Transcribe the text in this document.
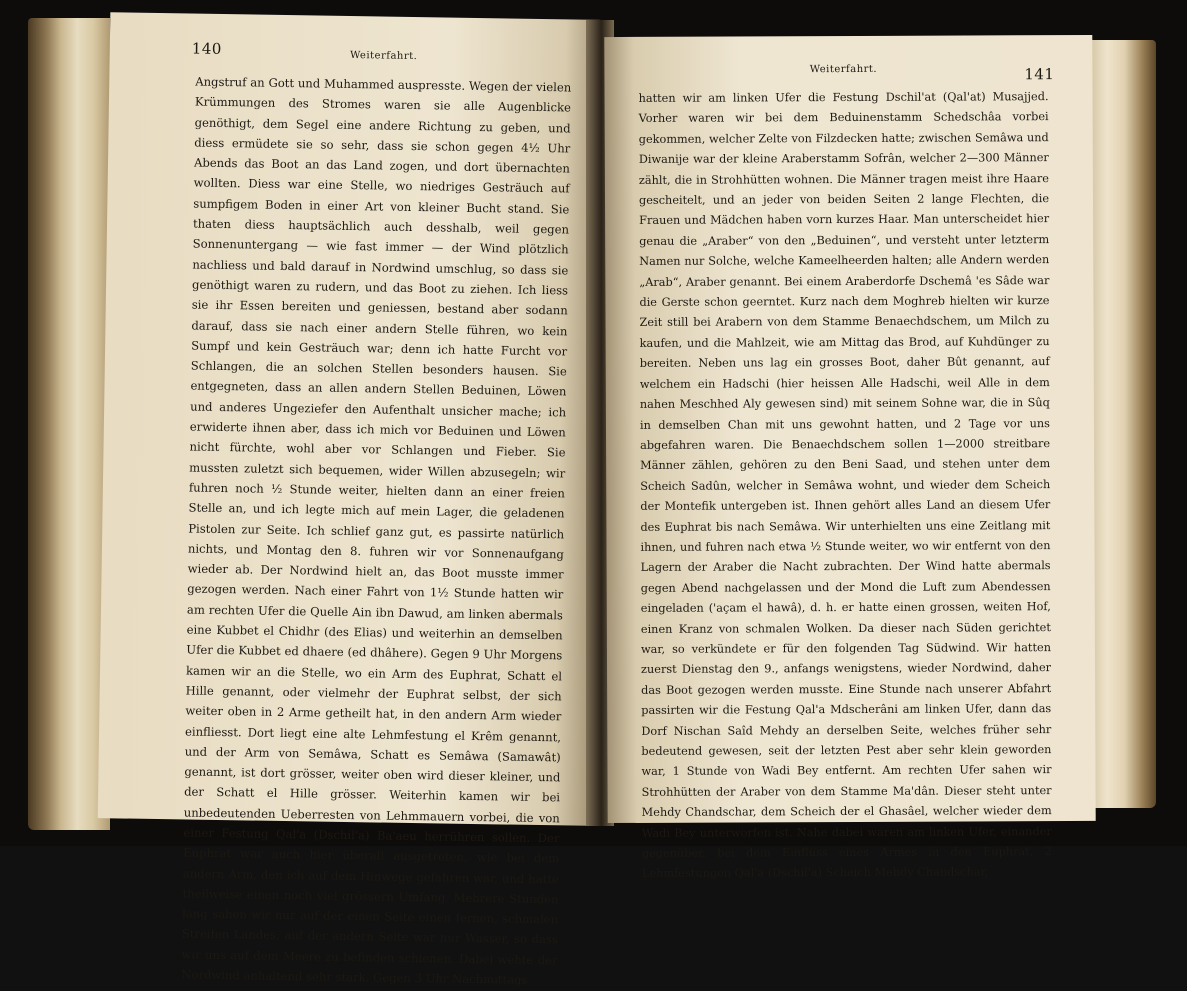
140	Weiterfahrt.

Angstruf an Gott und Muhammed auspresste. Wegen der vielen Krümmungen des Stromes waren sie alle Augenblicke genöthigt, dem Segel eine andere Richtung zu geben, und diess ermüdete sie so sehr, dass sie schon gegen 4½ Uhr Abends das Boot an das Land zogen, und dort übernachten wollten. Diess war eine Stelle, wo niedriges Gesträuch auf sumpfigem Boden in einer Art von kleiner Bucht stand. Sie thaten diess hauptsächlich auch desshalb, weil gegen Sonnenuntergang — wie fast immer — der Wind plötzlich nachliess und bald darauf in Nordwind umschlug, so dass sie genöthigt waren zu rudern, und das Boot zu ziehen. Ich liess sie ihr Essen bereiten und geniessen, bestand aber sodann darauf, dass sie nach einer andern Stelle führen, wo kein Sumpf und kein Gesträuch war; denn ich hatte Furcht vor Schlangen, die an solchen Stellen besonders hausen. Sie entgegneten, dass an allen andern Stellen Beduinen, Löwen und anderes Ungeziefer den Aufenthalt unsicher mache; ich erwiderte ihnen aber, dass ich mich vor Beduinen und Löwen nicht fürchte, wohl aber vor Schlangen und Fieber. Sie mussten zuletzt sich bequemen, wider Willen abzusegeln; wir fuhren noch ½ Stunde weiter, hielten dann an einer freien Stelle an, und ich legte mich auf mein Lager, die geladenen Pistolen zur Seite. Ich schlief ganz gut, es passirte natürlich nichts, und Montag den 8. fuhren wir vor Sonnenaufgang wieder ab. Der Nordwind hielt an, das Boot musste immer gezogen werden. Nach einer Fahrt von 1½ Stunde hatten wir am rechten Ufer die Quelle Ain ibn Dawud, am linken abermals eine Kubbet el Chidhr (des Elias) und weiterhin an demselben Ufer die Kubbet ed dhaere (ed dhâhere). Gegen 9 Uhr Morgens kamen wir an die Stelle, wo ein Arm des Euphrat, Schatt el Hille genannt, oder vielmehr der Euphrat selbst, der sich weiter oben in 2 Arme getheilt hat, in den andern Arm wieder einfliesst. Dort liegt eine alte Lehmfestung el Krêm genannt, und der Arm von Semâwa, Schatt es Semâwa (Samawât) genannt, ist dort grösser, weiter oben wird dieser kleiner, und der Schatt el Hille grösser. Weiterhin kamen wir bei unbedeutenden Ueberresten von Lehmmauern vorbei, die von einer Festung Qal'a (Dschil'a) Ba'aeu herrühren sollen. Der Euphrat war auch hier überall ausgetreten, wie bei dem andern Arm, den ich auf dem Hinwege gefahren war, und hatte theilweise einen noch viel grössern Umfang. Mehrere Stunden lang sahen wir nur auf der einen Seite einen fernen, schmalen Streifen Landes; auf der andern Seite war nur Wasser, so dass wir uns auf dem Meere zu befinden schienen. Dabei wehte der Nordwind anhaltend sehr stark. Gegen 3 Uhr Nachmittags

Weiterfahrt.	141

hatten wir am linken Ufer die Festung Dschil'at (Qal'at) Musajjed. Vorher waren wir bei dem Beduinenstamm Schedschâa vorbei gekommen, welcher Zelte von Filzdecken hatte; zwischen Semâwa und Diwanije war der kleine Araberstamm Sofrân, welcher 2—300 Männer zählt, die in Strohhütten wohnen. Die Männer tragen meist ihre Haare gescheitelt, und an jeder von beiden Seiten 2 lange Flechten, die Frauen und Mädchen haben vorn kurzes Haar. Man unterscheidet hier genau die „Araber“ von den „Beduinen“, und versteht unter letzterm Namen nur Solche, welche Kameelheerden halten; alle Andern werden „Arab“, Araber genannt. Bei einem Araberdorfe Dschemâ 'es Sâde war die Gerste schon geerntet. Kurz nach dem Moghreb hielten wir kurze Zeit still bei Arabern von dem Stamme Benaechdschem, um Milch zu kaufen, und die Mahlzeit, wie am Mittag das Brod, auf Kuhdünger zu bereiten. Neben uns lag ein grosses Boot, daher Bût genannt, auf welchem ein Hadschi (hier heissen Alle Hadschi, weil Alle in dem nahen Meschhed Aly gewesen sind) mit seinem Sohne war, die in Sûq in demselben Chan mit uns gewohnt hatten, und 2 Tage vor uns abgefahren waren. Die Benaechdschem sollen 1—2000 streitbare Männer zählen, gehören zu den Beni Saad, und stehen unter dem Scheich Sadûn, welcher in Semâwa wohnt, und wieder dem Scheich der Montefik untergeben ist. Ihnen gehört alles Land an diesem Ufer des Euphrat bis nach Semâwa. Wir unterhielten uns eine Zeitlang mit ihnen, und fuhren nach etwa ½ Stunde weiter, wo wir entfernt von den Lagern der Araber die Nacht zubrachten. Der Wind hatte abermals gegen Abend nachgelassen und der Mond die Luft zum Abendessen eingeladen ('açam el hawâ), d. h. er hatte einen grossen, weiten Hof, einen Kranz von schmalen Wolken. Da dieser nach Süden gerichtet war, so verkündete er für den folgenden Tag Südwind. Wir hatten zuerst Dienstag den 9., anfangs wenigstens, wieder Nordwind, daher das Boot gezogen werden musste. Eine Stunde nach unserer Abfahrt passirten wir die Festung Qal'a Mdscherâni am linken Ufer, dann das Dorf Nischan Saîd Mehdy an derselben Seite, welches früher sehr bedeutend gewesen, seit der letzten Pest aber sehr klein geworden war, 1 Stunde von Wadi Bey entfernt. Am rechten Ufer sahen wir Strohhütten der Araber von dem Stamme Ma'dân. Dieser steht unter Mehdy Chandschar, dem Scheich der el Ghasâel, welcher wieder dem Wadi Bey unterworfen ist. Nahe dabei waren am linken Ufer, einander gegenüber, bei dem Einfluss eines Armes in den Euphrat, 2 Lehmfestungen Qal'a (Dschil'a) Scheich Mehdy Chandschar,
